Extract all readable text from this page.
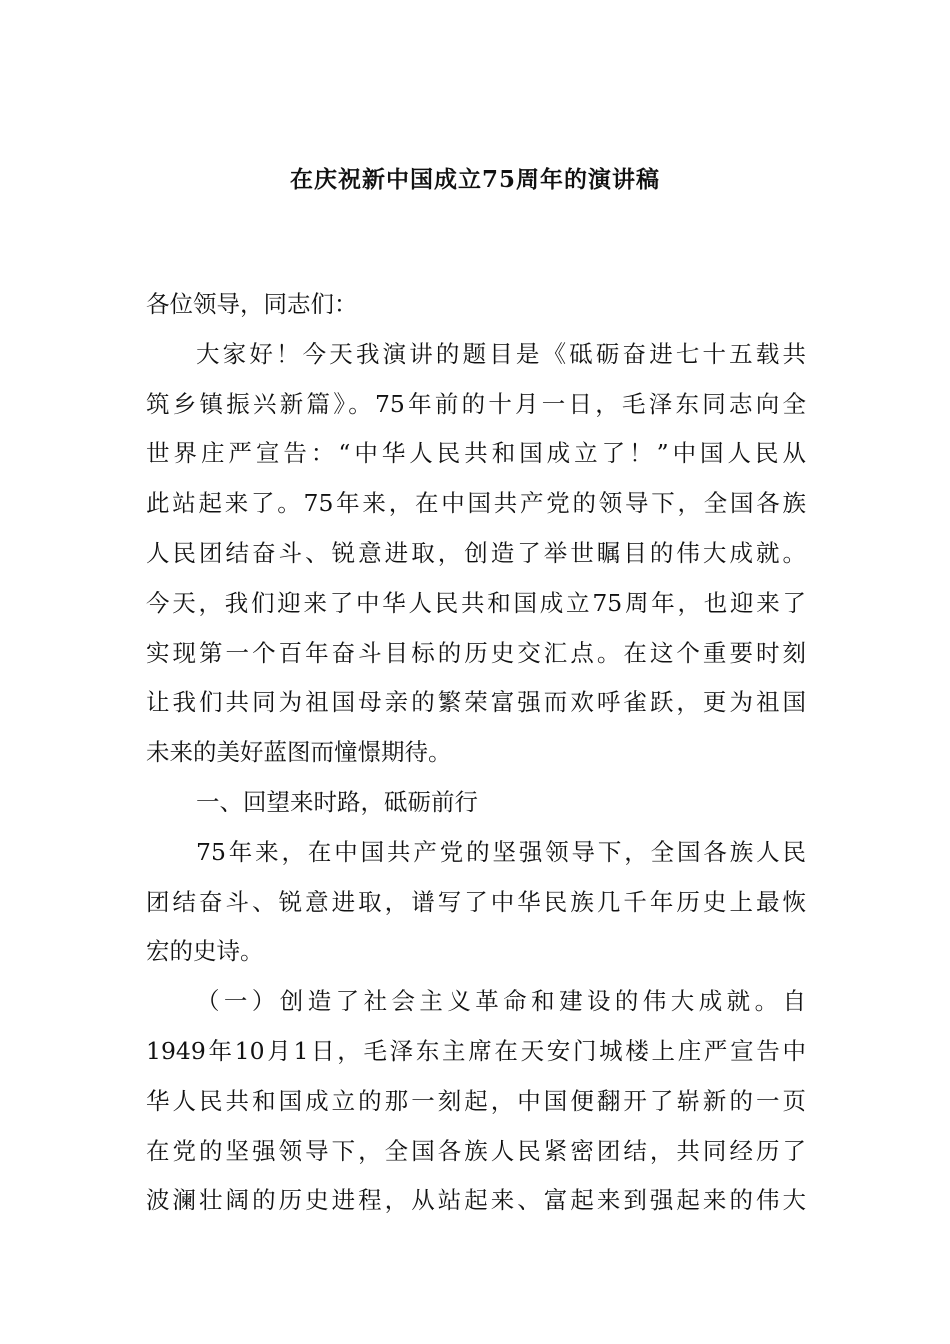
在庆祝新中国成立75周年的演讲稿
各位领导，同志们：
大家好！今天我演讲的题目是《砥砺奋进七十五载共
筑乡镇振兴新篇》。75年前的十月一日，毛泽东同志向全
世界庄严宣告：“中华人民共和国成立了！”中国人民从
此站起来了。75年来，在中国共产党的领导下，全国各族
人民团结奋斗、锐意进取，创造了举世瞩目的伟大成就。
今天，我们迎来了中华人民共和国成立75周年，也迎来了
实现第一个百年奋斗目标的历史交汇点。在这个重要时刻
让我们共同为祖国母亲的繁荣富强而欢呼雀跃，更为祖国
未来的美好蓝图而憧憬期待。
一、回望来时路，砥砺前行
75年来，在中国共产党的坚强领导下，全国各族人民
团结奋斗、锐意进取，谱写了中华民族几千年历史上最恢
宏的史诗。
（一）创造了社会主义革命和建设的伟大成就。自
1949年10月1日，毛泽东主席在天安门城楼上庄严宣告中
华人民共和国成立的那一刻起，中国便翻开了崭新的一页
在党的坚强领导下，全国各族人民紧密团结，共同经历了
波澜壮阔的历史进程，从站起来、富起来到强起来的伟大
